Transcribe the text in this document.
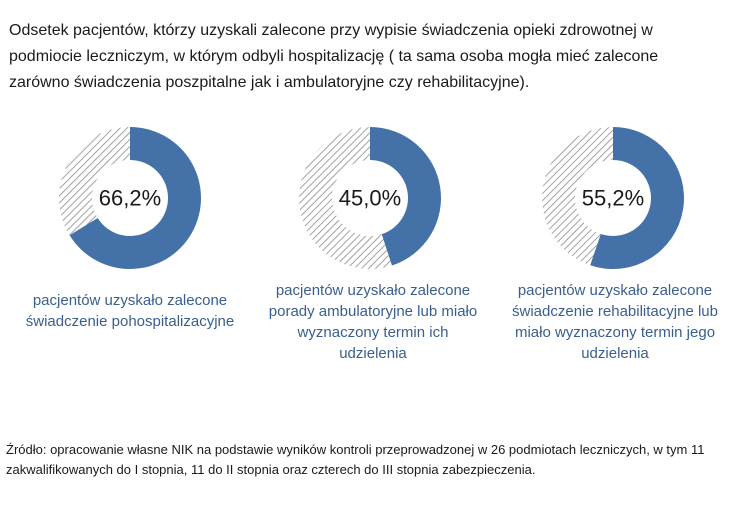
Odsetek pacjentów, którzy uzyskali zalecone przy wypisie świadczenia opieki zdrowotnej w podmiocie leczniczym, w którym odbyli hospitalizację ( ta sama osoba mogła mieć zalecone zarówno świadczenia poszpitalne jak i ambulatoryjne czy rehabilitacyjne).

66,2%	45,0%	55,2%
pacjentów uzyskało zalecone świadczenie pohospitalizacyjne
pacjentów uzyskało zalecone porady ambulatoryjne lub miało wyznaczony termin ich udzielenia
pacjentów uzyskało zalecone świadczenie rehabilitacyjne lub miało wyznaczony termin jego udzielenia

Źródło: opracowanie własne NIK na podstawie wyników kontroli przeprowadzonej w 26 podmiotach leczniczych, w tym 11 zakwalifikowanych do I stopnia, 11 do II stopnia oraz czterech do III stopnia zabezpieczenia.
